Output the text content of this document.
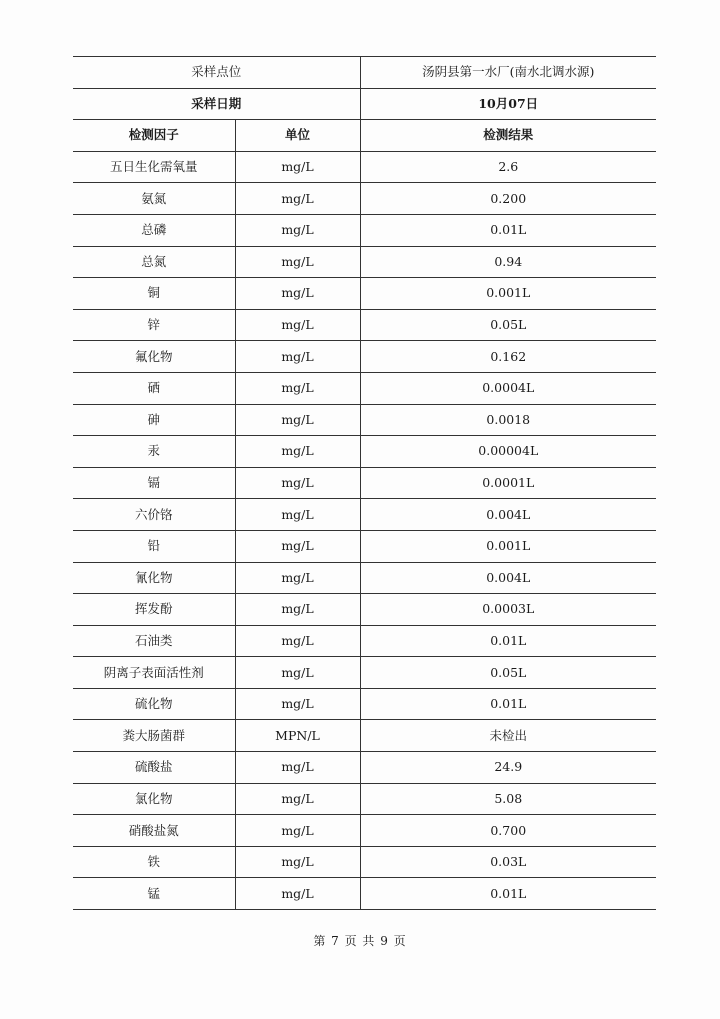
采样点位		汤阴县第一水厂(南水北调水源)
采样日期		10月07日
检测因子	单位	检测结果
五日生化需氧量	mg/L	2.6
氨氮	mg/L	0.200
总磷	mg/L	0.01L
总氮	mg/L	0.94
铜	mg/L	0.001L
锌	mg/L	0.05L
氟化物	mg/L	0.162
硒	mg/L	0.0004L
砷	mg/L	0.0018
汞	mg/L	0.00004L
镉	mg/L	0.0001L
六价铬	mg/L	0.004L
铅	mg/L	0.001L
氰化物	mg/L	0.004L
挥发酚	mg/L	0.0003L
石油类	mg/L	0.01L
阴离子表面活性剂	mg/L	0.05L
硫化物	mg/L	0.01L
粪大肠菌群	MPN/L	未检出
硫酸盐	mg/L	24.9
氯化物	mg/L	5.08
硝酸盐氮	mg/L	0.700
铁	mg/L	0.03L
锰	mg/L	0.01L
第 7 页 共 9 页
